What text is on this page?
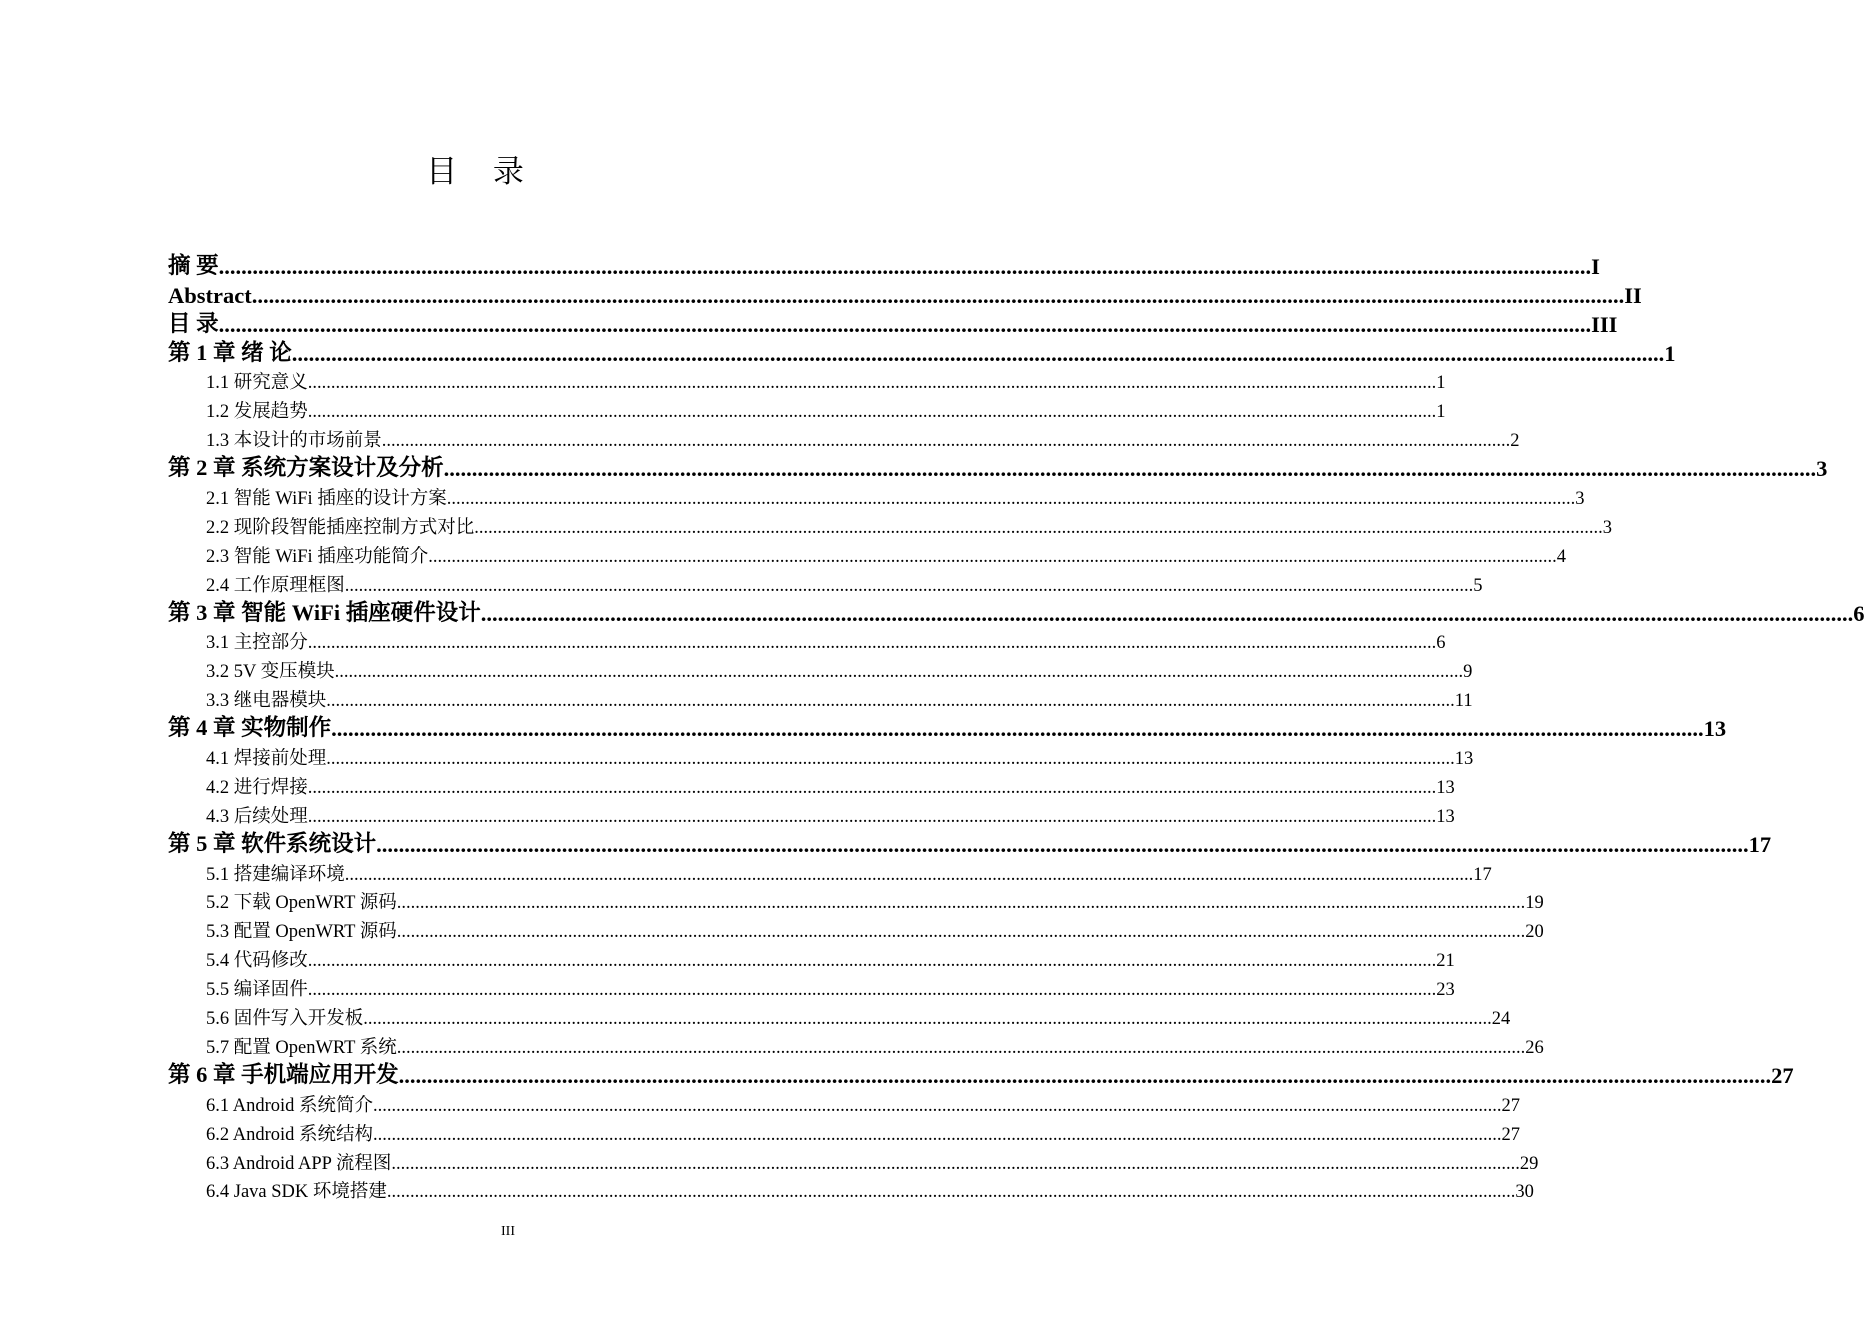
目 录
摘 要 .................................................................................................................................................................................................................................................... I
Abstract .................................................................................................................................................................................................................................................... II
目 录 .................................................................................................................................................................................................................................................... III
第 1 章 绪 论 .................................................................................................................................................................................................................................................... 1
1.1 研究意义 .................................................................................................................................................................................................................................................... 1
1.2 发展趋势 .................................................................................................................................................................................................................................................... 1
1.3 本设计的市场前景 .................................................................................................................................................................................................................................................... 2
第 2 章 系统方案设计及分析 .................................................................................................................................................................................................................................................... 3
2.1 智能 WiFi 插座的设计方案 .................................................................................................................................................................................................................................................... 3
2.2 现阶段智能插座控制方式对比 .................................................................................................................................................................................................................................................... 3
2.3 智能 WiFi 插座功能简介 .................................................................................................................................................................................................................................................... 4
2.4 工作原理框图 .................................................................................................................................................................................................................................................... 5
第 3 章 智能 WiFi 插座硬件设计 .................................................................................................................................................................................................................................................... 6
3.1 主控部分 .................................................................................................................................................................................................................................................... 6
3.2 5V 变压模块 .................................................................................................................................................................................................................................................... 9
3.3 继电器模块 .................................................................................................................................................................................................................................................... 11
第 4 章 实物制作 .................................................................................................................................................................................................................................................... 13
4.1 焊接前处理 .................................................................................................................................................................................................................................................... 13
4.2 进行焊接 .................................................................................................................................................................................................................................................... 13
4.3 后续处理 .................................................................................................................................................................................................................................................... 13
第 5 章 软件系统设计 .................................................................................................................................................................................................................................................... 17
5.1 搭建编译环境 .................................................................................................................................................................................................................................................... 17
5.2 下载 OpenWRT 源码 .................................................................................................................................................................................................................................................... 19
5.3 配置 OpenWRT 源码 .................................................................................................................................................................................................................................................... 20
5.4 代码修改 .................................................................................................................................................................................................................................................... 21
5.5 编译固件 .................................................................................................................................................................................................................................................... 23
5.6 固件写入开发板 .................................................................................................................................................................................................................................................... 24
5.7 配置 OpenWRT 系统 .................................................................................................................................................................................................................................................... 26
第 6 章 手机端应用开发 .................................................................................................................................................................................................................................................... 27
6.1 Android 系统简介 .................................................................................................................................................................................................................................................... 27
6.2 Android 系统结构 .................................................................................................................................................................................................................................................... 27
6.3 Android APP 流程图 .................................................................................................................................................................................................................................................... 29
6.4 Java SDK 环境搭建 .................................................................................................................................................................................................................................................... 30
III
